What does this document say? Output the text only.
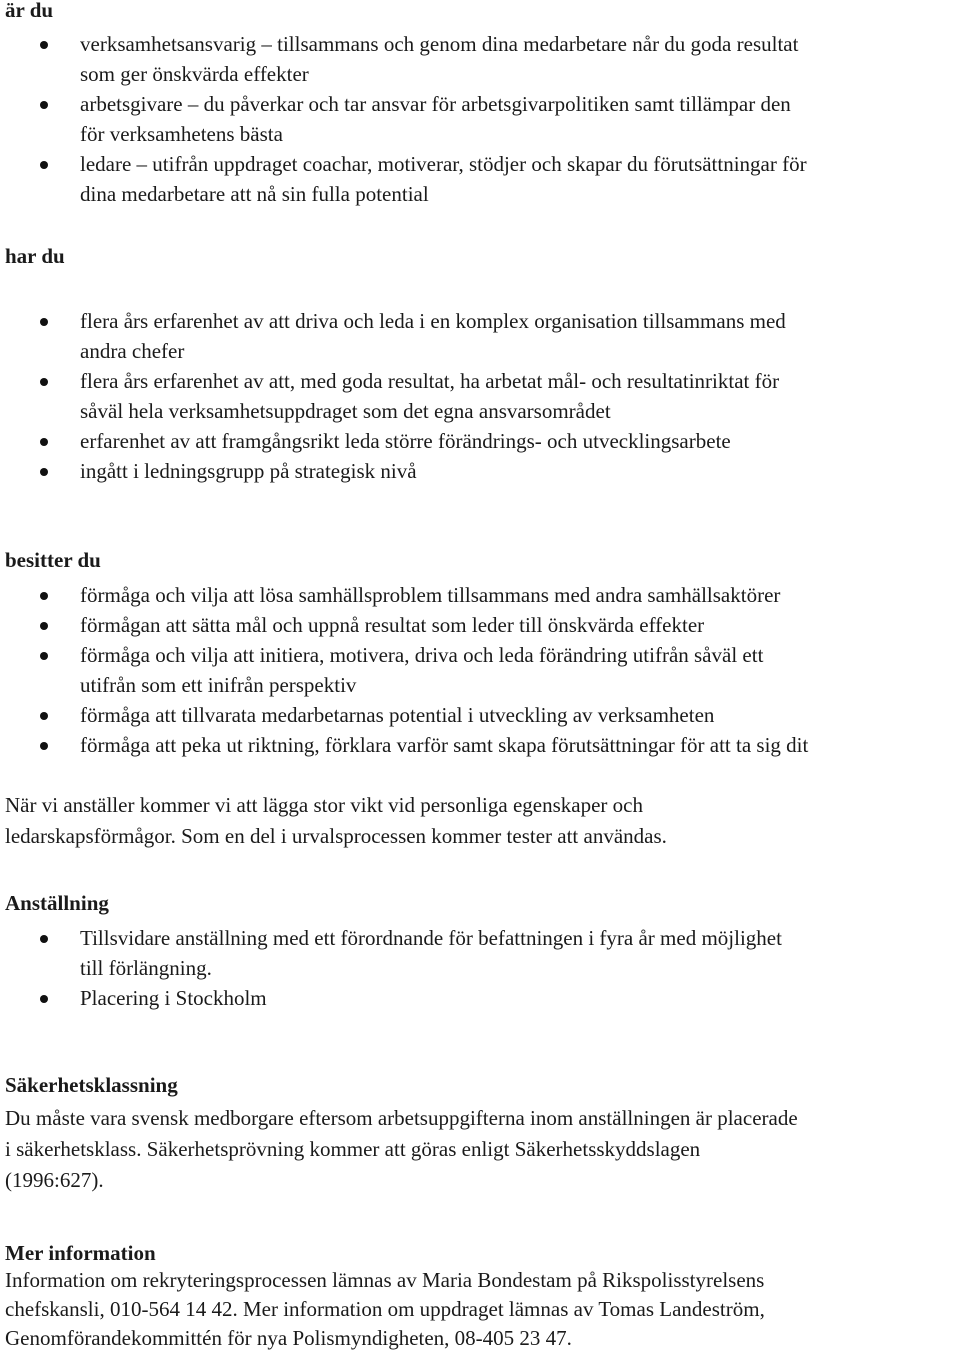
är du
verksamhetsansvarig – tillsammans och genom dina medarbetare når du goda resultat
som ger önskvärda effekter
arbetsgivare – du påverkar och tar ansvar för arbetsgivarpolitiken samt tillämpar den
för verksamhetens bästa
ledare – utifrån uppdraget coachar, motiverar, stödjer och skapar du förutsättningar för
dina medarbetare att nå sin fulla potential
har du
flera års erfarenhet av att driva och leda i en komplex organisation tillsammans med
andra chefer
flera års erfarenhet av att, med goda resultat, ha arbetat mål- och resultatinriktat för
såväl hela verksamhetsuppdraget som det egna ansvarsområdet
erfarenhet av att framgångsrikt leda större förändrings- och utvecklingsarbete
ingått i ledningsgrupp på strategisk nivå
besitter du
förmåga och vilja att lösa samhällsproblem tillsammans med andra samhällsaktörer
förmågan att sätta mål och uppnå resultat som leder till önskvärda effekter
förmåga och vilja att initiera, motivera, driva och leda förändring utifrån såväl ett
utifrån som ett inifrån perspektiv
förmåga att tillvarata medarbetarnas potential i utveckling av verksamheten
förmåga att peka ut riktning, förklara varför samt skapa förutsättningar för att ta sig dit

När vi anställer kommer vi att lägga stor vikt vid personliga egenskaper och
ledarskapsförmågor. Som en del i urvalsprocessen kommer tester att användas.

Anställning
Tillsvidare anställning med ett förordnande för befattningen i fyra år med möjlighet
till förlängning.
Placering i Stockholm
Säkerhetsklassning

Du måste vara svensk medborgare eftersom arbetsuppgifterna inom anställningen är placerade
i säkerhetsklass. Säkerhetsprövning kommer att göras enligt Säkerhetsskyddslagen
(1996:627).

Mer information

Information om rekryteringsprocessen lämnas av Maria Bondestam på Rikspolisstyrelsens
chefskansli, 010-564 14 42. Mer information om uppdraget lämnas av Tomas Landeström,
Genomförandekommittén för nya Polismyndigheten, 08-405 23 47.
